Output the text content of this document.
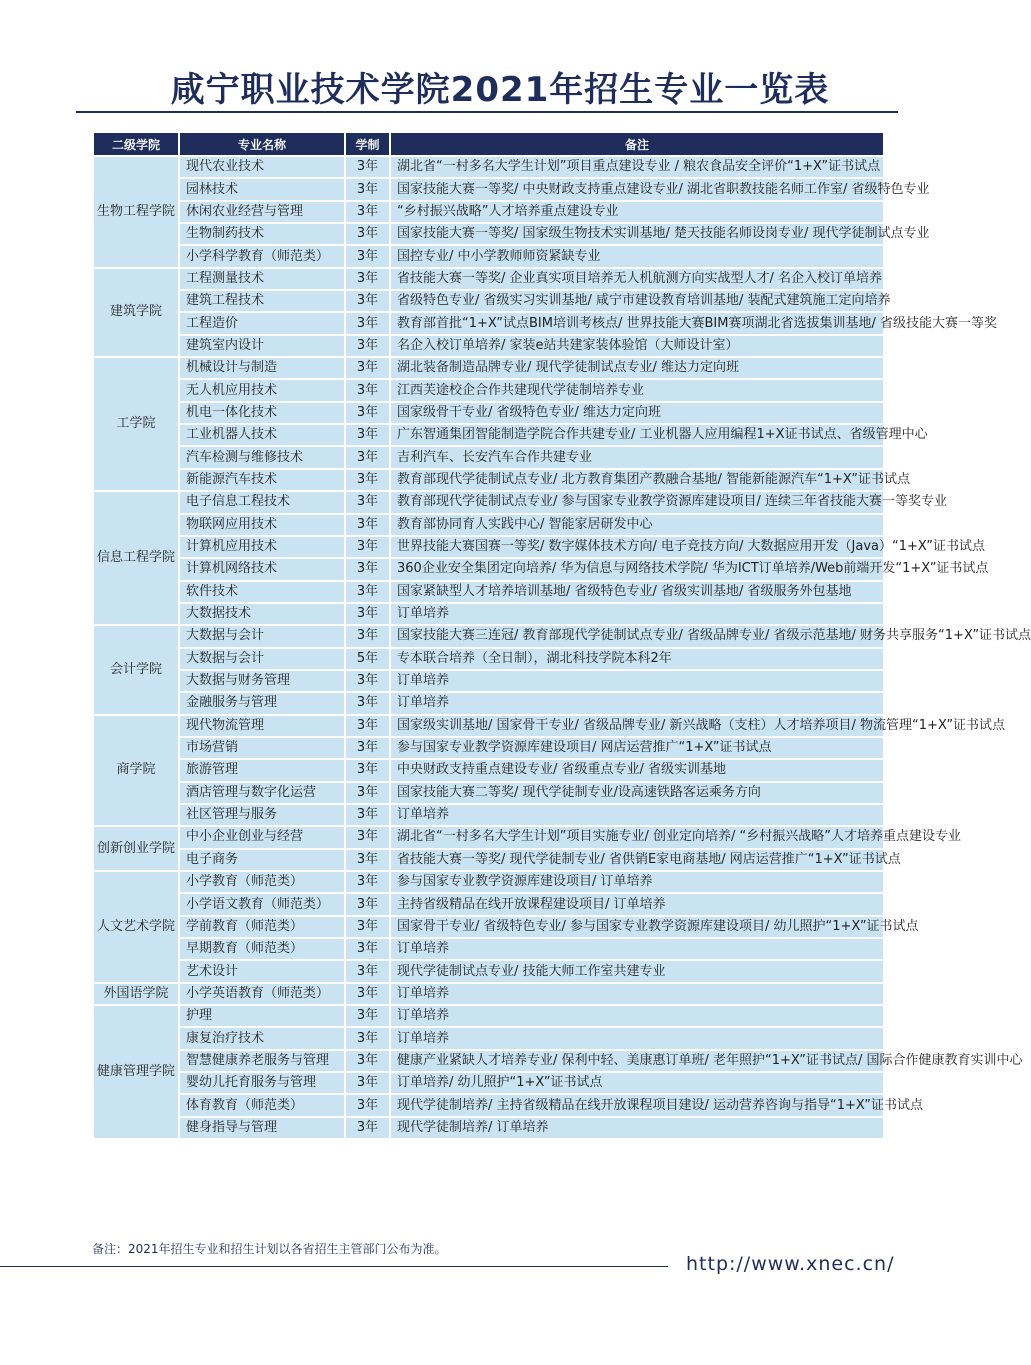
咸宁职业技术学院2021年招生专业一览表
二级学院	专业名称	学制	备注
生物工程学院	现代农业技术	3年	湖北省“一村多名大学生计划”项目重点建设专业 / 粮农食品安全评价“1+X”证书试点
	园林技术	3年	国家技能大赛一等奖/ 中央财政支持重点建设专业/ 湖北省职教技能名师工作室/ 省级特色专业
	休闲农业经营与管理	3年	“乡村振兴战略”人才培养重点建设专业
	生物制药技术	3年	国家技能大赛一等奖/ 国家级生物技术实训基地/ 楚天技能名师设岗专业/ 现代学徒制试点专业
	小学科学教育（师范类）	3年	国控专业/ 中小学教师师资紧缺专业
建筑学院	工程测量技术	3年	省技能大赛一等奖/ 企业真实项目培养无人机航测方向实战型人才/ 名企入校订单培养
	建筑工程技术	3年	省级特色专业/ 省级实习实训基地/ 咸宁市建设教育培训基地/ 装配式建筑施工定向培养
	工程造价	3年	教育部首批“1+X”试点BIM培训考核点/ 世界技能大赛BIM赛项湖北省选拔集训基地/ 省级技能大赛一等奖
	建筑室内设计	3年	名企入校订单培养/ 家装e站共建家装体验馆（大师设计室）
工学院	机械设计与制造	3年	湖北装备制造品牌专业/ 现代学徒制试点专业/ 维达力定向班
	无人机应用技术	3年	江西芙途校企合作共建现代学徒制培养专业
	机电一体化技术	3年	国家级骨干专业/ 省级特色专业/ 维达力定向班
	工业机器人技术	3年	广东智通集团智能制造学院合作共建专业/ 工业机器人应用编程1+X证书试点、省级管理中心
	汽车检测与维修技术	3年	吉利汽车、长安汽车合作共建专业
	新能源汽车技术	3年	教育部现代学徒制试点专业/ 北方教育集团产教融合基地/ 智能新能源汽车“1+X”证书试点
信息工程学院	电子信息工程技术	3年	教育部现代学徒制试点专业/ 参与国家专业教学资源库建设项目/ 连续三年省技能大赛一等奖专业
	物联网应用技术	3年	教育部协同育人实践中心/ 智能家居研发中心
	计算机应用技术	3年	世界技能大赛国赛一等奖/ 数字媒体技术方向/ 电子竞技方向/ 大数据应用开发（Java）“1+X”证书试点
	计算机网络技术	3年	360企业安全集团定向培养/ 华为信息与网络技术学院/ 华为ICT订单培养/Web前端开发“1+X”证书试点
	软件技术	3年	国家紧缺型人才培养培训基地/ 省级特色专业/ 省级实训基地/ 省级服务外包基地
	大数据技术	3年	订单培养
会计学院	大数据与会计	3年	国家技能大赛三连冠/ 教育部现代学徒制试点专业/ 省级品牌专业/ 省级示范基地/ 财务共享服务“1+X”证书试点
	大数据与会计	5年	专本联合培养（全日制），湖北科技学院本科2年
	大数据与财务管理	3年	订单培养
	金融服务与管理	3年	订单培养
商学院	现代物流管理	3年	国家级实训基地/ 国家骨干专业/ 省级品牌专业/ 新兴战略（支柱）人才培养项目/ 物流管理“1+X”证书试点
	市场营销	3年	参与国家专业教学资源库建设项目/ 网店运营推广“1+X”证书试点
	旅游管理	3年	中央财政支持重点建设专业/ 省级重点专业/ 省级实训基地
	酒店管理与数字化运营	3年	国家技能大赛二等奖/ 现代学徒制专业/设高速铁路客运乘务方向
	社区管理与服务	3年	订单培养
创新创业学院	中小企业创业与经营	3年	湖北省“一村多名大学生计划”项目实施专业/ 创业定向培养/ “乡村振兴战略”人才培养重点建设专业
	电子商务	3年	省技能大赛一等奖/ 现代学徒制专业/ 省供销E家电商基地/ 网店运营推广“1+X”证书试点
人文艺术学院	小学教育（师范类）	3年	参与国家专业教学资源库建设项目/ 订单培养
	小学语文教育（师范类）	3年	主持省级精品在线开放课程建设项目/ 订单培养
	学前教育（师范类）	3年	国家骨干专业/ 省级特色专业/ 参与国家专业教学资源库建设项目/ 幼儿照护“1+X”证书试点
	早期教育（师范类）	3年	订单培养
	艺术设计	3年	现代学徒制试点专业/ 技能大师工作室共建专业
外国语学院	小学英语教育（师范类）	3年	订单培养
健康管理学院	护理	3年	订单培养
	康复治疗技术	3年	订单培养
	智慧健康养老服务与管理	3年	健康产业紧缺人才培养专业/ 保利中轻、美康惠订单班/ 老年照护“1+X”证书试点/ 国际合作健康教育实训中心
	婴幼儿托育服务与管理	3年	订单培养/ 幼儿照护“1+X”证书试点
	体育教育（师范类）	3年	现代学徒制培养/ 主持省级精品在线开放课程项目建设/ 运动营养咨询与指导“1+X”证书试点
	健身指导与管理	3年	现代学徒制培养/ 订单培养
备注：2021年招生专业和招生计划以各省招生主管部门公布为准。
http://www.xnec.cn/
